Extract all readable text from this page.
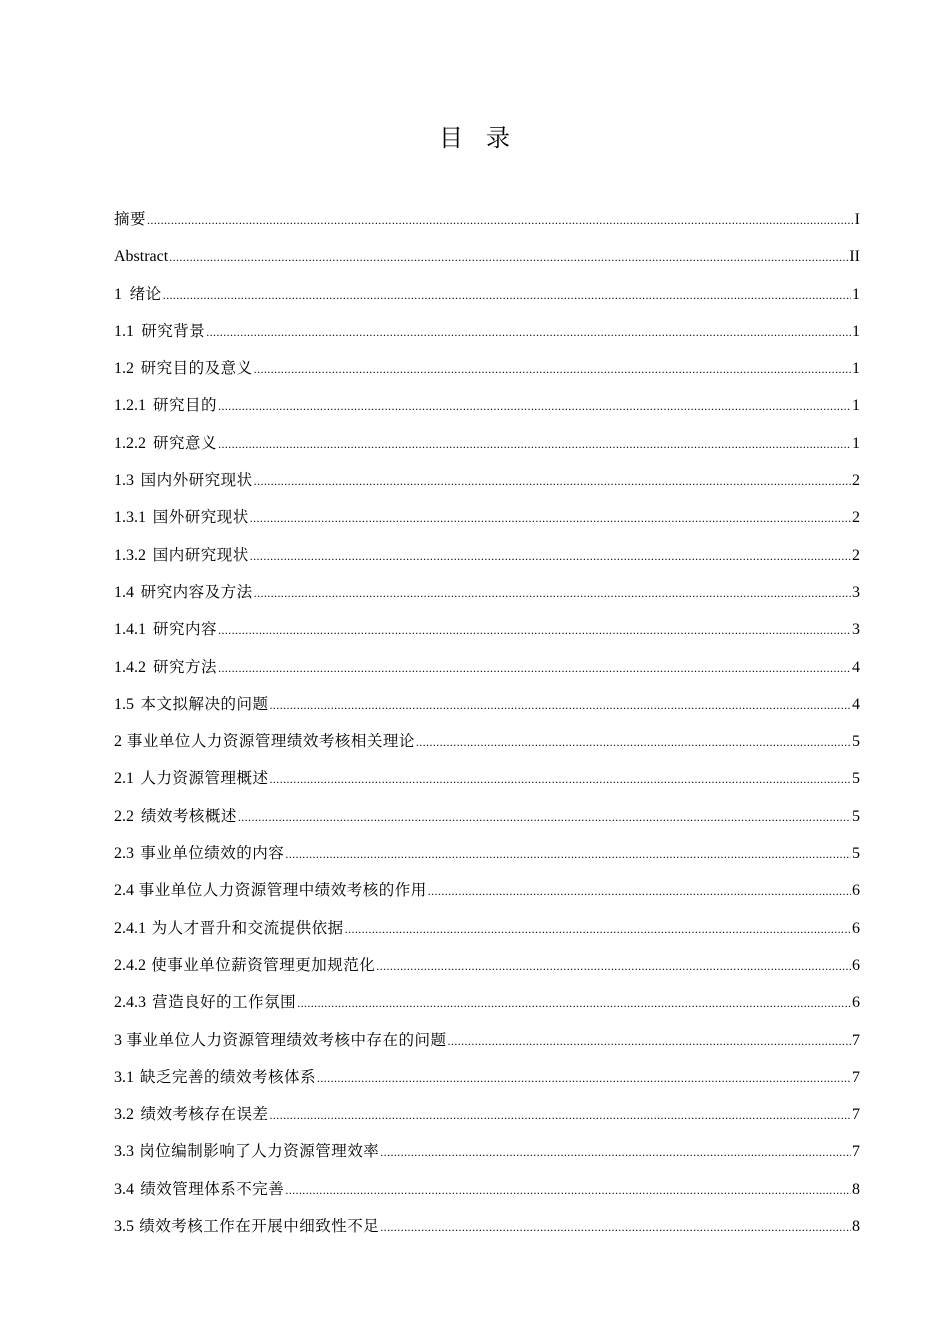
目 录
摘要 .....	I
Abstract .....	II
1 绪论 .....	1
1.1 研究背景 .....	1
1.2 研究目的及意义 .....	1
1.2.1 研究目的 .....	1
1.2.2 研究意义 .....	1
1.3 国内外研究现状 .....	2
1.3.1 国外研究现状 .....	2
1.3.2 国内研究现状 .....	2
1.4 研究内容及方法 .....	3
1.4.1 研究内容 .....	3
1.4.2 研究方法 .....	4
1.5 本文拟解决的问题 .....	4
2 事业单位人力资源管理绩效考核相关理论 .....	5
2.1 人力资源管理概述 .....	5
2.2 绩效考核概述 .....	5
2.3 事业单位绩效的内容 .....	5
2.4 事业单位人力资源管理中绩效考核的作用 .....	6
2.4.1 为人才晋升和交流提供依据 .....	6
2.4.2 使事业单位薪资管理更加规范化 .....	6
2.4.3 营造良好的工作氛围 .....	6
3 事业单位人力资源管理绩效考核中存在的问题 .....	7
3.1 缺乏完善的绩效考核体系 .....	7
3.2 绩效考核存在误差 .....	7
3.3 岗位编制影响了人力资源管理效率 .....	7
3.4 绩效管理体系不完善 .....	8
3.5 绩效考核工作在开展中细致性不足 .....	8
